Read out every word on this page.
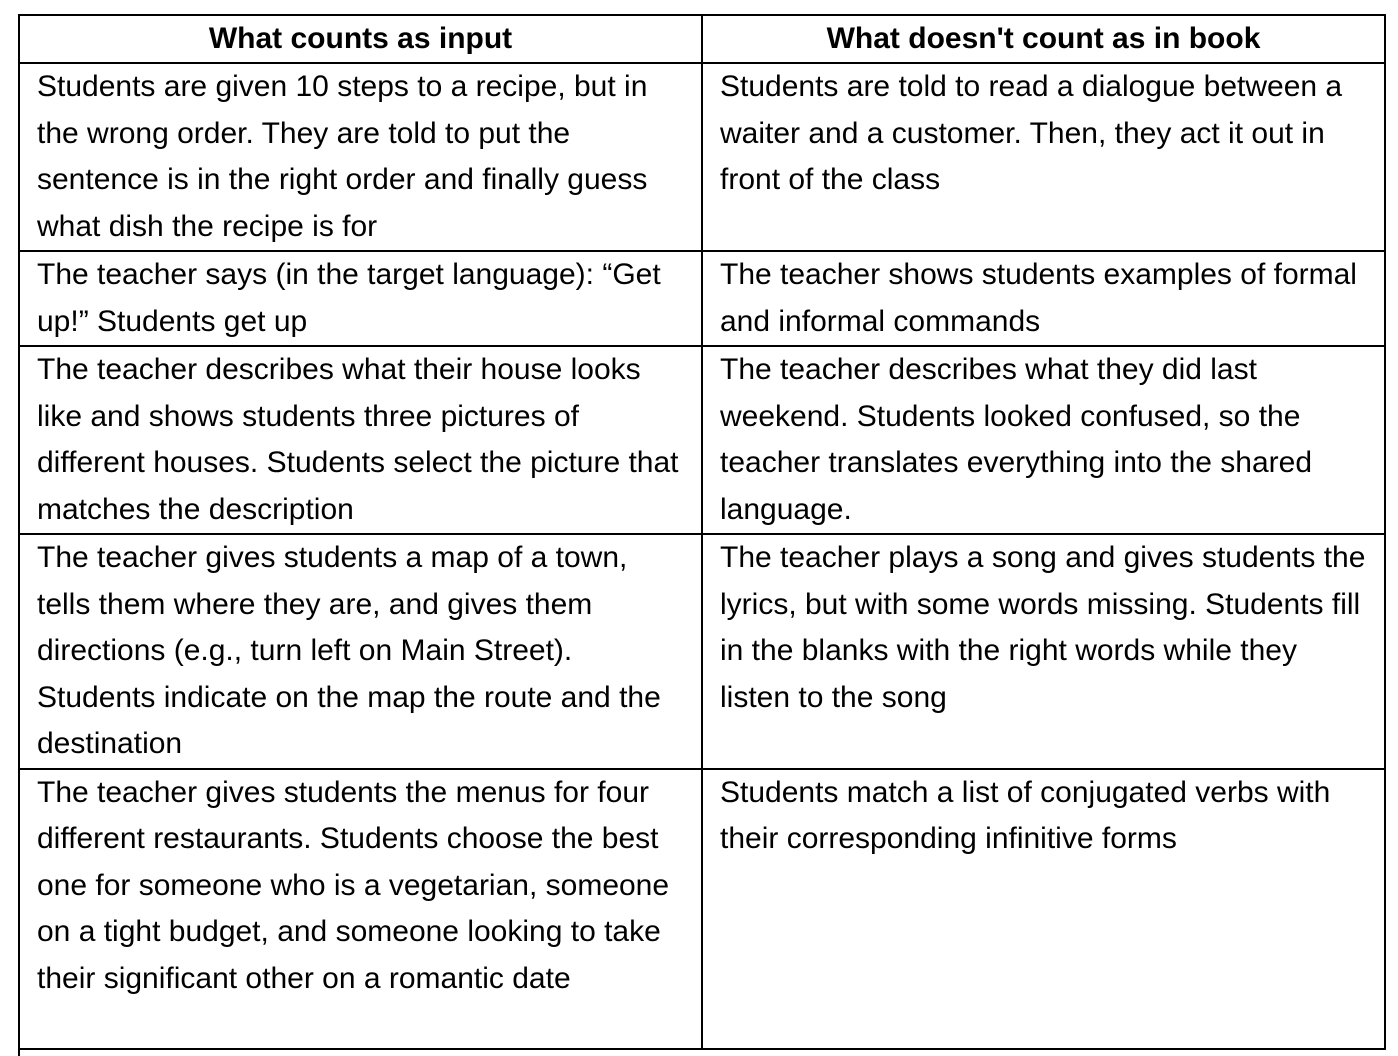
What counts as input	What doesn't count as in book

Students are given 10 steps to a recipe, but in the wrong order. They are told to put the sentence is in the right order and finally guess what dish the recipe is for	Students are told to read a dialogue between a waiter and a customer. Then, they act it out in front of the class

The teacher says (in the target language): “Get up!” Students get up	The teacher shows students examples of formal and informal commands

The teacher describes what their house looks like and shows students three pictures of different houses. Students select the picture that matches the description	The teacher describes what they did last weekend. Students looked confused, so the teacher translates everything into the shared language.

The teacher gives students a map of a town, tells them where they are, and gives them directions (e.g., turn left on Main Street). Students indicate on the map the route and the destination	The teacher plays a song and gives students the lyrics, but with some words missing. Students fill in the blanks with the right words while they listen to the song

The teacher gives students the menus for four different restaurants. Students choose the best one for someone who is a vegetarian, someone on a tight budget, and someone looking to take their significant other on a romantic date	Students match a list of conjugated verbs with their corresponding infinitive forms
